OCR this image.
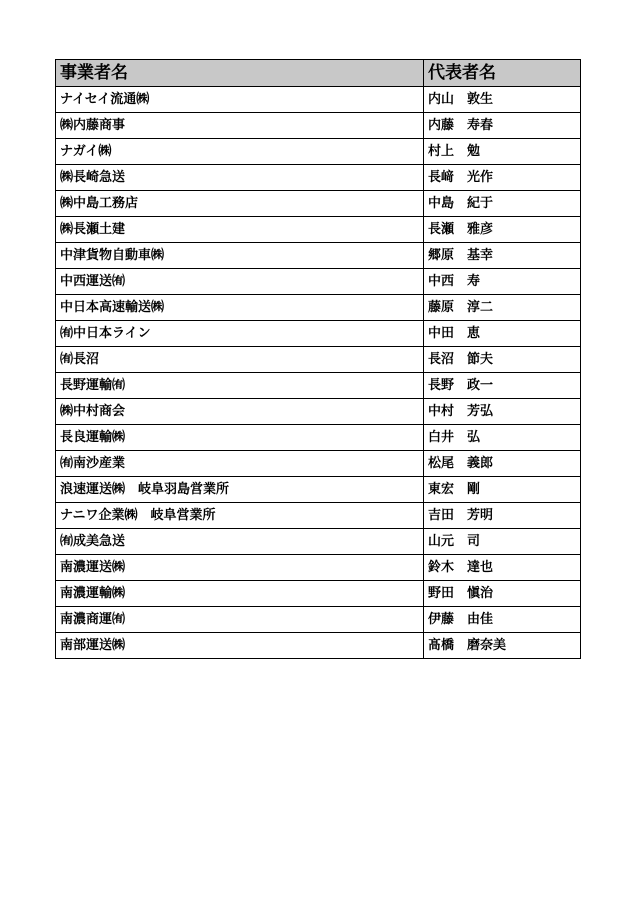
事業者名	代表者名
ナイセイ流通㈱	内山　敦生
㈱内藤商事	内藤　寿春
ナガイ㈱	村上　勉
㈱長崎急送	長﨑　光作
㈱中島工務店	中島　紀于
㈱長瀬土建	長瀬　雅彦
中津貨物自動車㈱	郷原　基幸
中西運送㈲	中西　寿
中日本高速輸送㈱	藤原　淳二
㈲中日本ライン	中田　恵
㈲長沼	長沼　節夫
長野運輸㈲	長野　政一
㈱中村商会	中村　芳弘
長良運輸㈱	白井　弘
㈲南沙産業	松尾　義郎
浪速運送㈱　岐阜羽島営業所	東宏　剛
ナニワ企業㈱　岐阜営業所	吉田　芳明
㈲成美急送	山元　司
南濃運送㈱	鈴木　達也
南濃運輸㈱	野田　愼治
南濃商運㈲	伊藤　由佳
南部運送㈱	髙橋　磨奈美
